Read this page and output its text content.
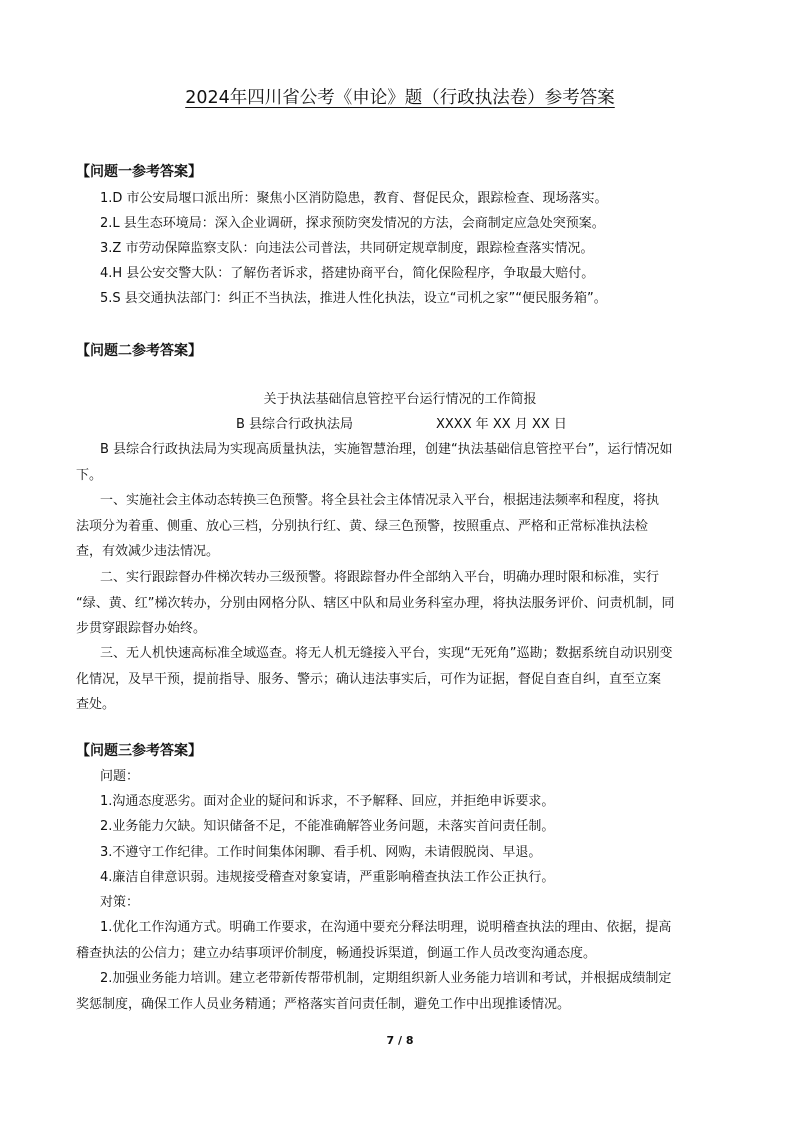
2024年四川省公考《申论》题（行政执法卷）参考答案
【问题一参考答案】
1.D 市公安局堰口派出所：聚焦小区消防隐患，教育、督促民众，跟踪检查、现场落实。
2.L 县生态环境局：深入企业调研，探求预防突发情况的方法，会商制定应急处突预案。
3.Z 市劳动保障监察支队：向违法公司普法，共同研定规章制度，跟踪检查落实情况。
4.H 县公安交警大队：了解伤者诉求，搭建协商平台，简化保险程序，争取最大赔付。
5.S 县交通执法部门：纠正不当执法，推进人性化执法，设立“司机之家”“便民服务箱”。
【问题二参考答案】
关于执法基础信息管控平台运行情况的工作简报
B 县综合行政执法局	XXXX 年 XX 月 XX 日
B 县综合行政执法局为实现高质量执法，实施智慧治理，创建“执法基础信息管控平台”，运行情况如
下。
一、实施社会主体动态转换三色预警。将全县社会主体情况录入平台，根据违法频率和程度，将执
法项分为着重、侧重、放心三档，分别执行红、黄、绿三色预警，按照重点、严格和正常标准执法检
查，有效减少违法情况。
二、实行跟踪督办件梯次转办三级预警。将跟踪督办件全部纳入平台，明确办理时限和标准，实行
“绿、黄、红”梯次转办，分别由网格分队、辖区中队和局业务科室办理，将执法服务评价、问责机制，同
步贯穿跟踪督办始终。
三、无人机快速高标准全域巡查。将无人机无缝接入平台，实现“无死角”巡勘；数据系统自动识别变
化情况，及早干预，提前指导、服务、警示；确认违法事实后，可作为证据，督促自查自纠，直至立案
查处。
【问题三参考答案】
问题：
1.沟通态度恶劣。面对企业的疑问和诉求，不予解释、回应，并拒绝申诉要求。
2.业务能力欠缺。知识储备不足，不能准确解答业务问题，未落实首问责任制。
3.不遵守工作纪律。工作时间集体闲聊、看手机、网购，未请假脱岗、早退。
4.廉洁自律意识弱。违规接受稽查对象宴请，严重影响稽查执法工作公正执行。
对策：
1.优化工作沟通方式。明确工作要求，在沟通中要充分释法明理，说明稽查执法的理由、依据，提高
稽查执法的公信力；建立办结事项评价制度，畅通投诉渠道，倒逼工作人员改变沟通态度。
2.加强业务能力培训。建立老带新传帮带机制，定期组织新人业务能力培训和考试，并根据成绩制定
奖惩制度，确保工作人员业务精通；严格落实首问责任制，避免工作中出现推诿情况。
7 / 8
